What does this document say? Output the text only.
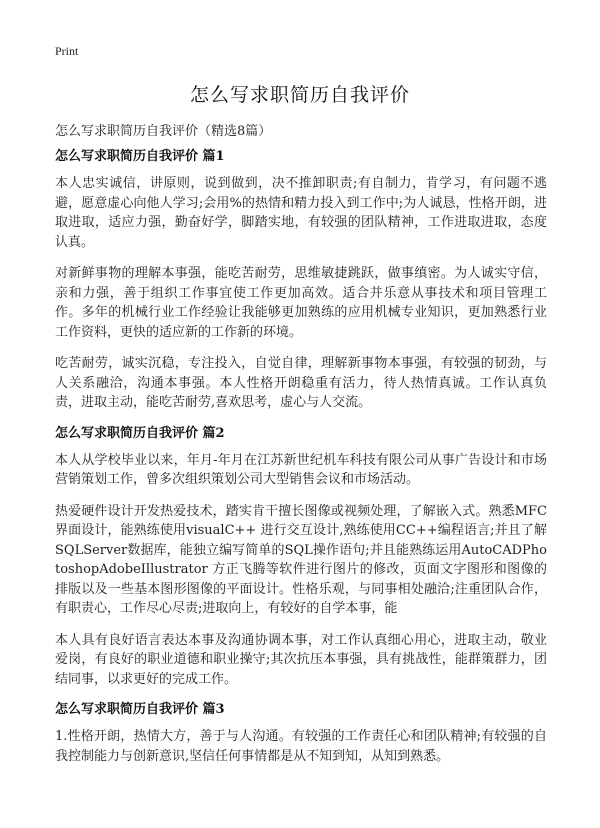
Print
怎么写求职简历自我评价
怎么写求职简历自我评价（精选8篇）
怎么写求职简历自我评价 篇1

本人忠实诚信，讲原则，说到做到，决不推卸职责;有自制力，肯学习，有问题不逃避，愿意虚心向他人学习;会用%的热情和精力投入到工作中;为人诚恳，性格开朗，进取进取，适应力强，勤奋好学，脚踏实地，有较强的团队精神，工作进取进取，态度认真。

对新鲜事物的理解本事强，能吃苦耐劳，思维敏捷跳跃，做事缜密。为人诚实守信，亲和力强，善于组织工作事宜使工作更加高效。适合并乐意从事技术和项目管理工作。多年的机械行业工作经验让我能够更加熟练的应用机械专业知识，更加熟悉行业工作资料，更快的适应新的工作新的环境。

吃苦耐劳，诚实沉稳，专注投入，自觉自律，理解新事物本事强，有较强的韧劲，与人关系融洽，沟通本事强。本人性格开朗稳重有活力，待人热情真诚。工作认真负责，进取主动，能吃苦耐劳,喜欢思考，虚心与人交流。

怎么写求职简历自我评价 篇2

本人从学校毕业以来，年月-年月在江苏新世纪机车科技有限公司从事广告设计和市场营销策划工作，曾多次组织策划公司大型销售会议和市场活动。

热爱硬件设计开发热爱技术，踏实肯干擅长图像或视频处理，了解嵌入式。熟悉MFC界面设计，能熟练使用visualC++ 进行交互设计,熟练使用CC++编程语言;并且了解SQLServer数据库，能独立编写简单的SQL操作语句;并且能熟练运用AutoCADPhotoshopAdobeIllustrator 方正飞腾等软件进行图片的修改，页面文字图形和图像的排版以及一些基本图形图像的平面设计。性格乐观，与同事相处融洽;注重团队合作，有职责心，工作尽心尽责;进取向上，有较好的自学本事，能

本人具有良好语言表达本事及沟通协调本事，对工作认真细心用心，进取主动，敬业爱岗，有良好的职业道德和职业操守;其次抗压本事强，具有挑战性，能群策群力，团结同事，以求更好的完成工作。

怎么写求职简历自我评价 篇3

1.性格开朗，热情大方，善于与人沟通。有较强的工作责任心和团队精神;有较强的自我控制能力与创新意识,坚信任何事情都是从不知到知，从知到熟悉。
